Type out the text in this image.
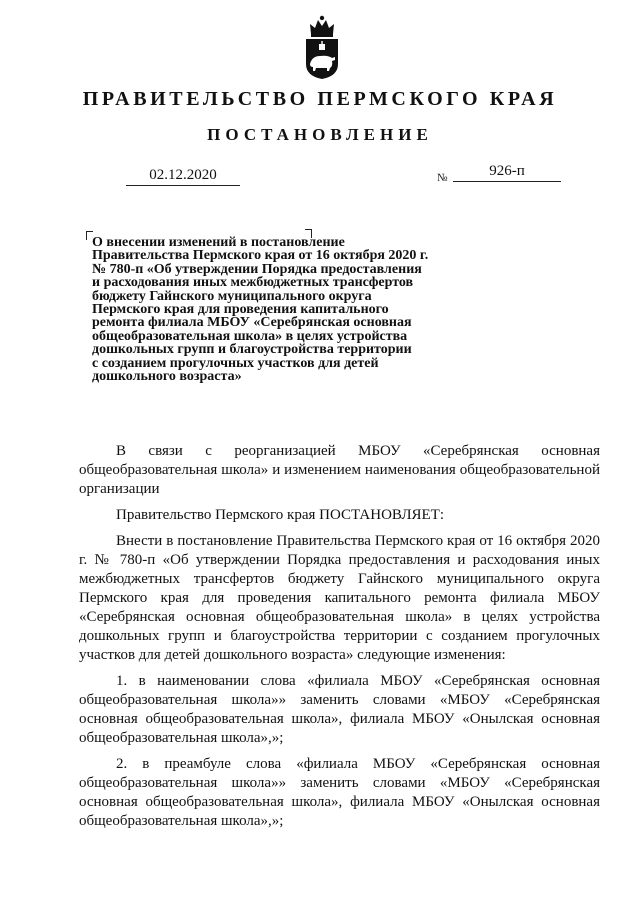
ПРАВИТЕЛЬСТВО ПЕРМСКОГО КРАЯ
ПОСТАНОВЛЕНИЕ
02.12.2020	№	926-п
О внесении изменений в постановление
Правительства Пермского края от 16 октября 2020 г.
№ 780-п «Об утверждении Порядка предоставления
и расходования иных межбюджетных трансфертов
бюджету Гайнского муниципального округа
Пермского края для проведения капитального
ремонта филиала МБОУ «Серебрянская основная
общеобразовательная школа» в целях устройства
дошкольных групп и благоустройства территории
с созданием прогулочных участков для детей
дошкольного возраста»

В связи с реорганизацией МБОУ «Серебрянская основная общеобразовательная школа» и изменением наименования общеобразовательной организации

Правительство Пермского края ПОСТАНОВЛЯЕТ:

Внести в постановление Правительства Пермского края от 16 октября 2020 г. № 780-п «Об утверждении Порядка предоставления и расходования иных межбюджетных трансфертов бюджету Гайнского муниципального округа Пермского края для проведения капитального ремонта филиала МБОУ «Серебрянская основная общеобразовательная школа» в целях устройства дошкольных групп и благоустройства территории с созданием прогулочных участков для детей дошкольного возраста» следующие изменения:

1. в наименовании слова «филиала МБОУ «Серебрянская основная общеобразовательная школа»» заменить словами «МБОУ «Серебрянская основная общеобразовательная школа», филиала МБОУ «Онылская основная общеобразовательная школа»,»;

2. в преамбуле слова «филиала МБОУ «Серебрянская основная общеобразовательная школа»» заменить словами «МБОУ «Серебрянская основная общеобразовательная школа», филиала МБОУ «Онылская основная общеобразовательная школа»,»;
